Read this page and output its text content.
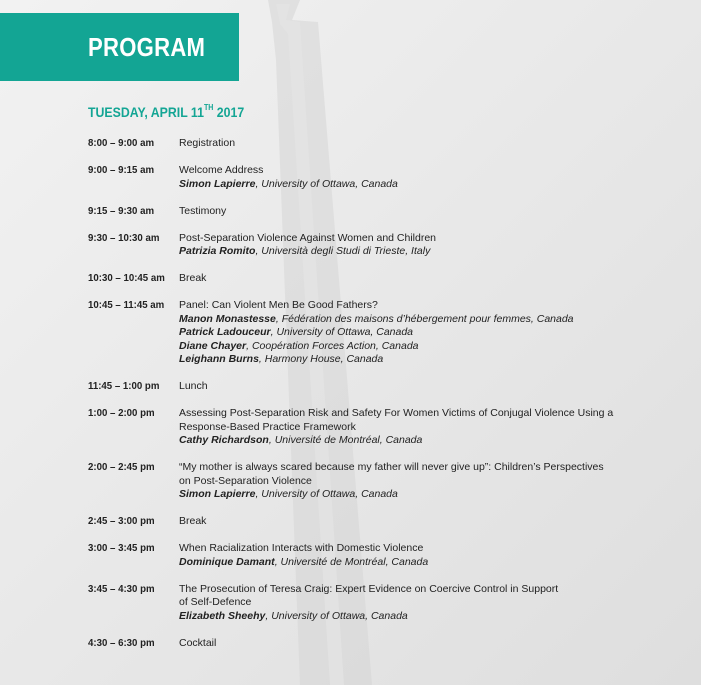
PROGRAM
TUESDAY, APRIL 11TH 2017
8:00 – 9:00 am	Registration
9:00 – 9:15 am	Welcome Address
Simon Lapierre, University of Ottawa, Canada
9:15 – 9:30 am	Testimony
9:30 – 10:30 am	Post-Separation Violence Against Women and Children
Patrizia Romito, Università degli Studi di Trieste, Italy
10:30 – 10:45 am	Break
10:45 – 11:45 am	Panel: Can Violent Men Be Good Fathers?
Manon Monastesse, Fédération des maisons d’hébergement pour femmes, Canada
Patrick Ladouceur, University of Ottawa, Canada
Diane Chayer, Coopération Forces Action, Canada
Leighann Burns, Harmony House, Canada
11:45 – 1:00 pm	Lunch
1:00 – 2:00 pm	Assessing Post-Separation Risk and Safety For Women Victims of Conjugal Violence Using a
Response-Based Practice Framework
Cathy Richardson, Université de Montréal, Canada
2:00 – 2:45 pm	“My mother is always scared because my father will never give up”: Children’s Perspectives
on Post-Separation Violence
Simon Lapierre, University of Ottawa, Canada
2:45 – 3:00 pm	Break
3:00 – 3:45 pm	When Racialization Interacts with Domestic Violence
Dominique Damant, Université de Montréal, Canada
3:45 – 4:30 pm	The Prosecution of Teresa Craig: Expert Evidence on Coercive Control in Support
of Self-Defence
Elizabeth Sheehy, University of Ottawa, Canada
4:30 – 6:30 pm	Cocktail
